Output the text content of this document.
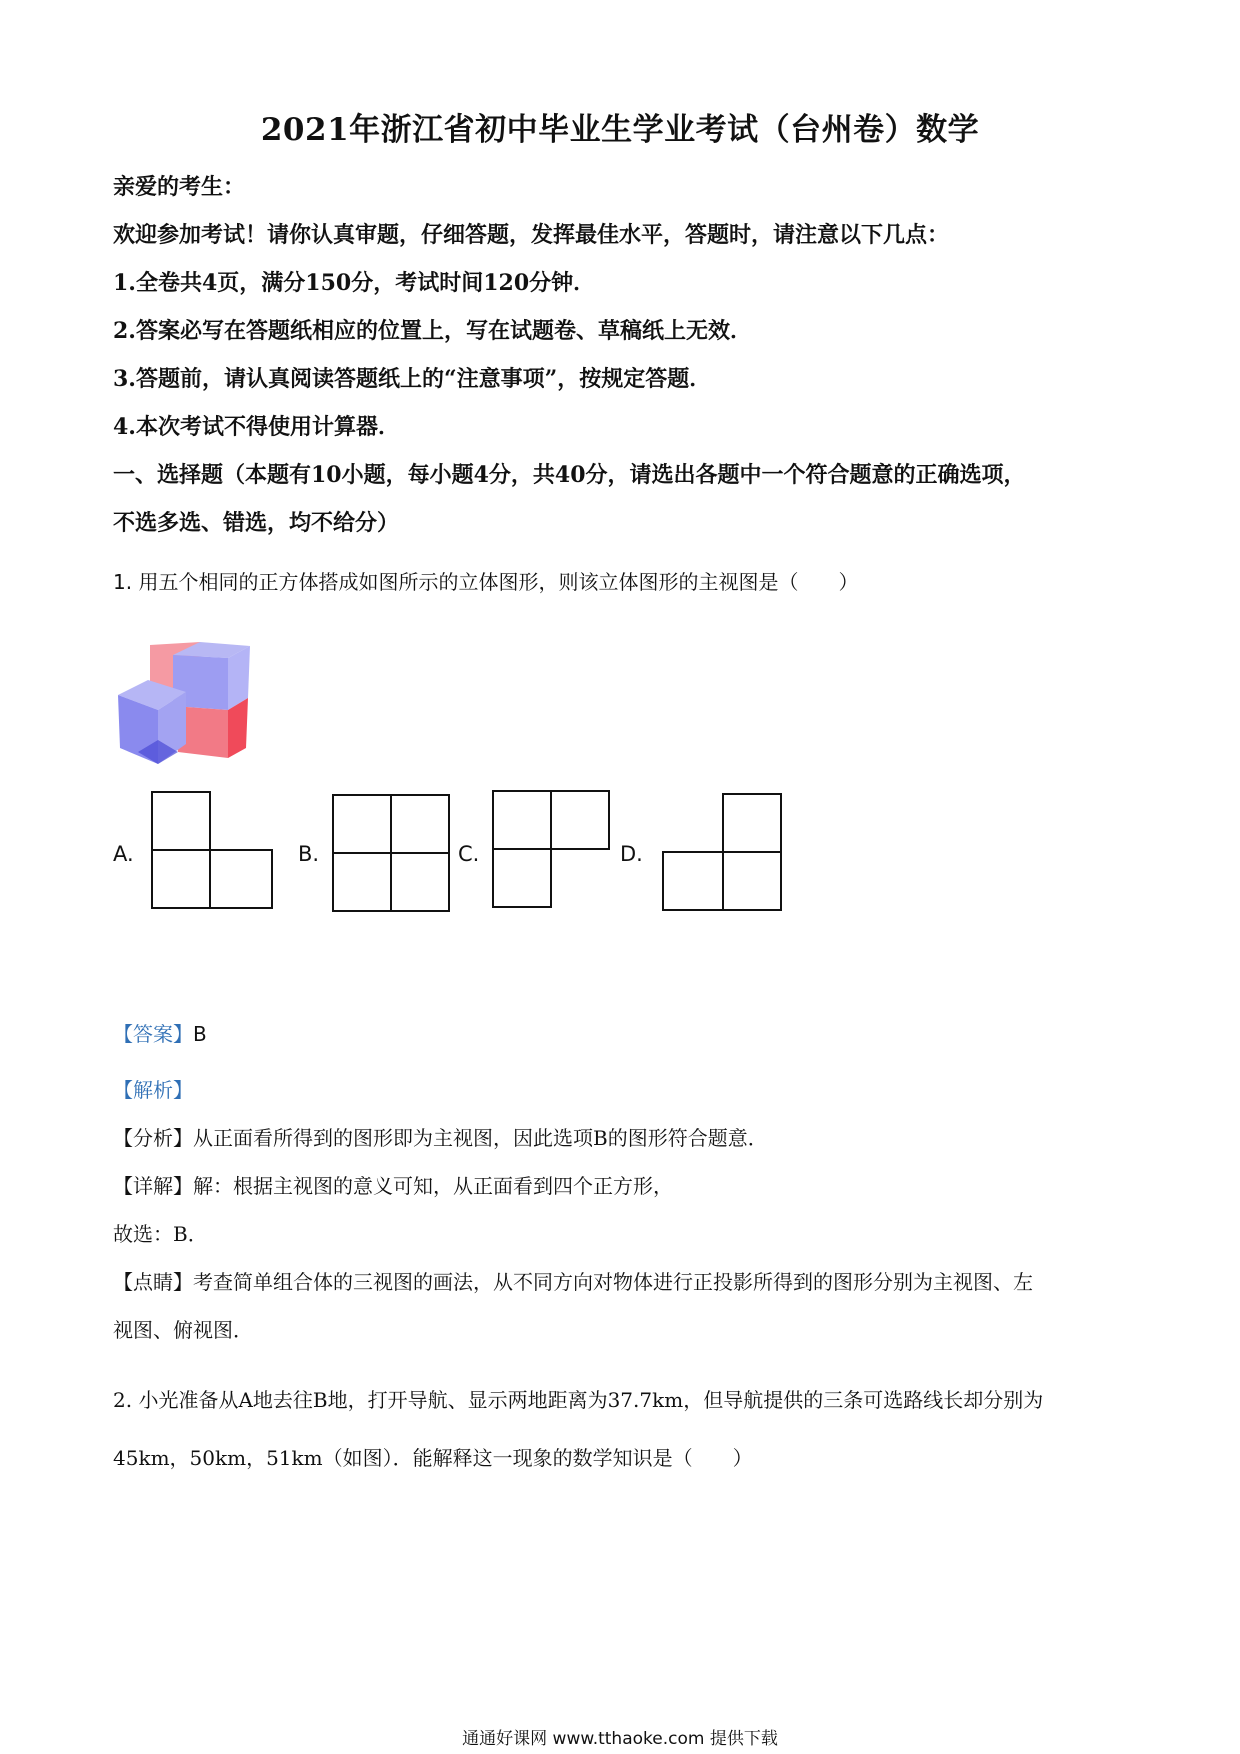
2021年浙江省初中毕业生学业考试（台州卷）数学
亲爱的考生：
欢迎参加考试！请你认真审题，仔细答题，发挥最佳水平，答题时，请注意以下几点：
1.全卷共4页，满分150分，考试时间120分钟．
2.答案必写在答题纸相应的位置上，写在试题卷、草稿纸上无效．
3.答题前，请认真阅读答题纸上的“注意事项”，按规定答题．
4.本次考试不得使用计算器．
一、选择题（本题有10小题，每小题4分，共40分，请选出各题中一个符合题意的正确选项，
不选多选、错选，均不给分）
1. 用五个相同的正方体搭成如图所示的立体图形，则该立体图形的主视图是（　　）
A.	B.	C.	D.
【答案】B
【解析】
【分析】从正面看所得到的图形即为主视图，因此选项B的图形符合题意．
【详解】解：根据主视图的意义可知，从正面看到四个正方形，
故选：B．
【点睛】考查简单组合体的三视图的画法，从不同方向对物体进行正投影所得到的图形分别为主视图、左
视图、俯视图．
2. 小光准备从A地去往B地，打开导航、显示两地距离为37.7km，但导航提供的三条可选路线长却分别为
45km，50km，51km（如图）．能解释这一现象的数学知识是（　　）
通通好课网 www.tthaoke.com 提供下载
